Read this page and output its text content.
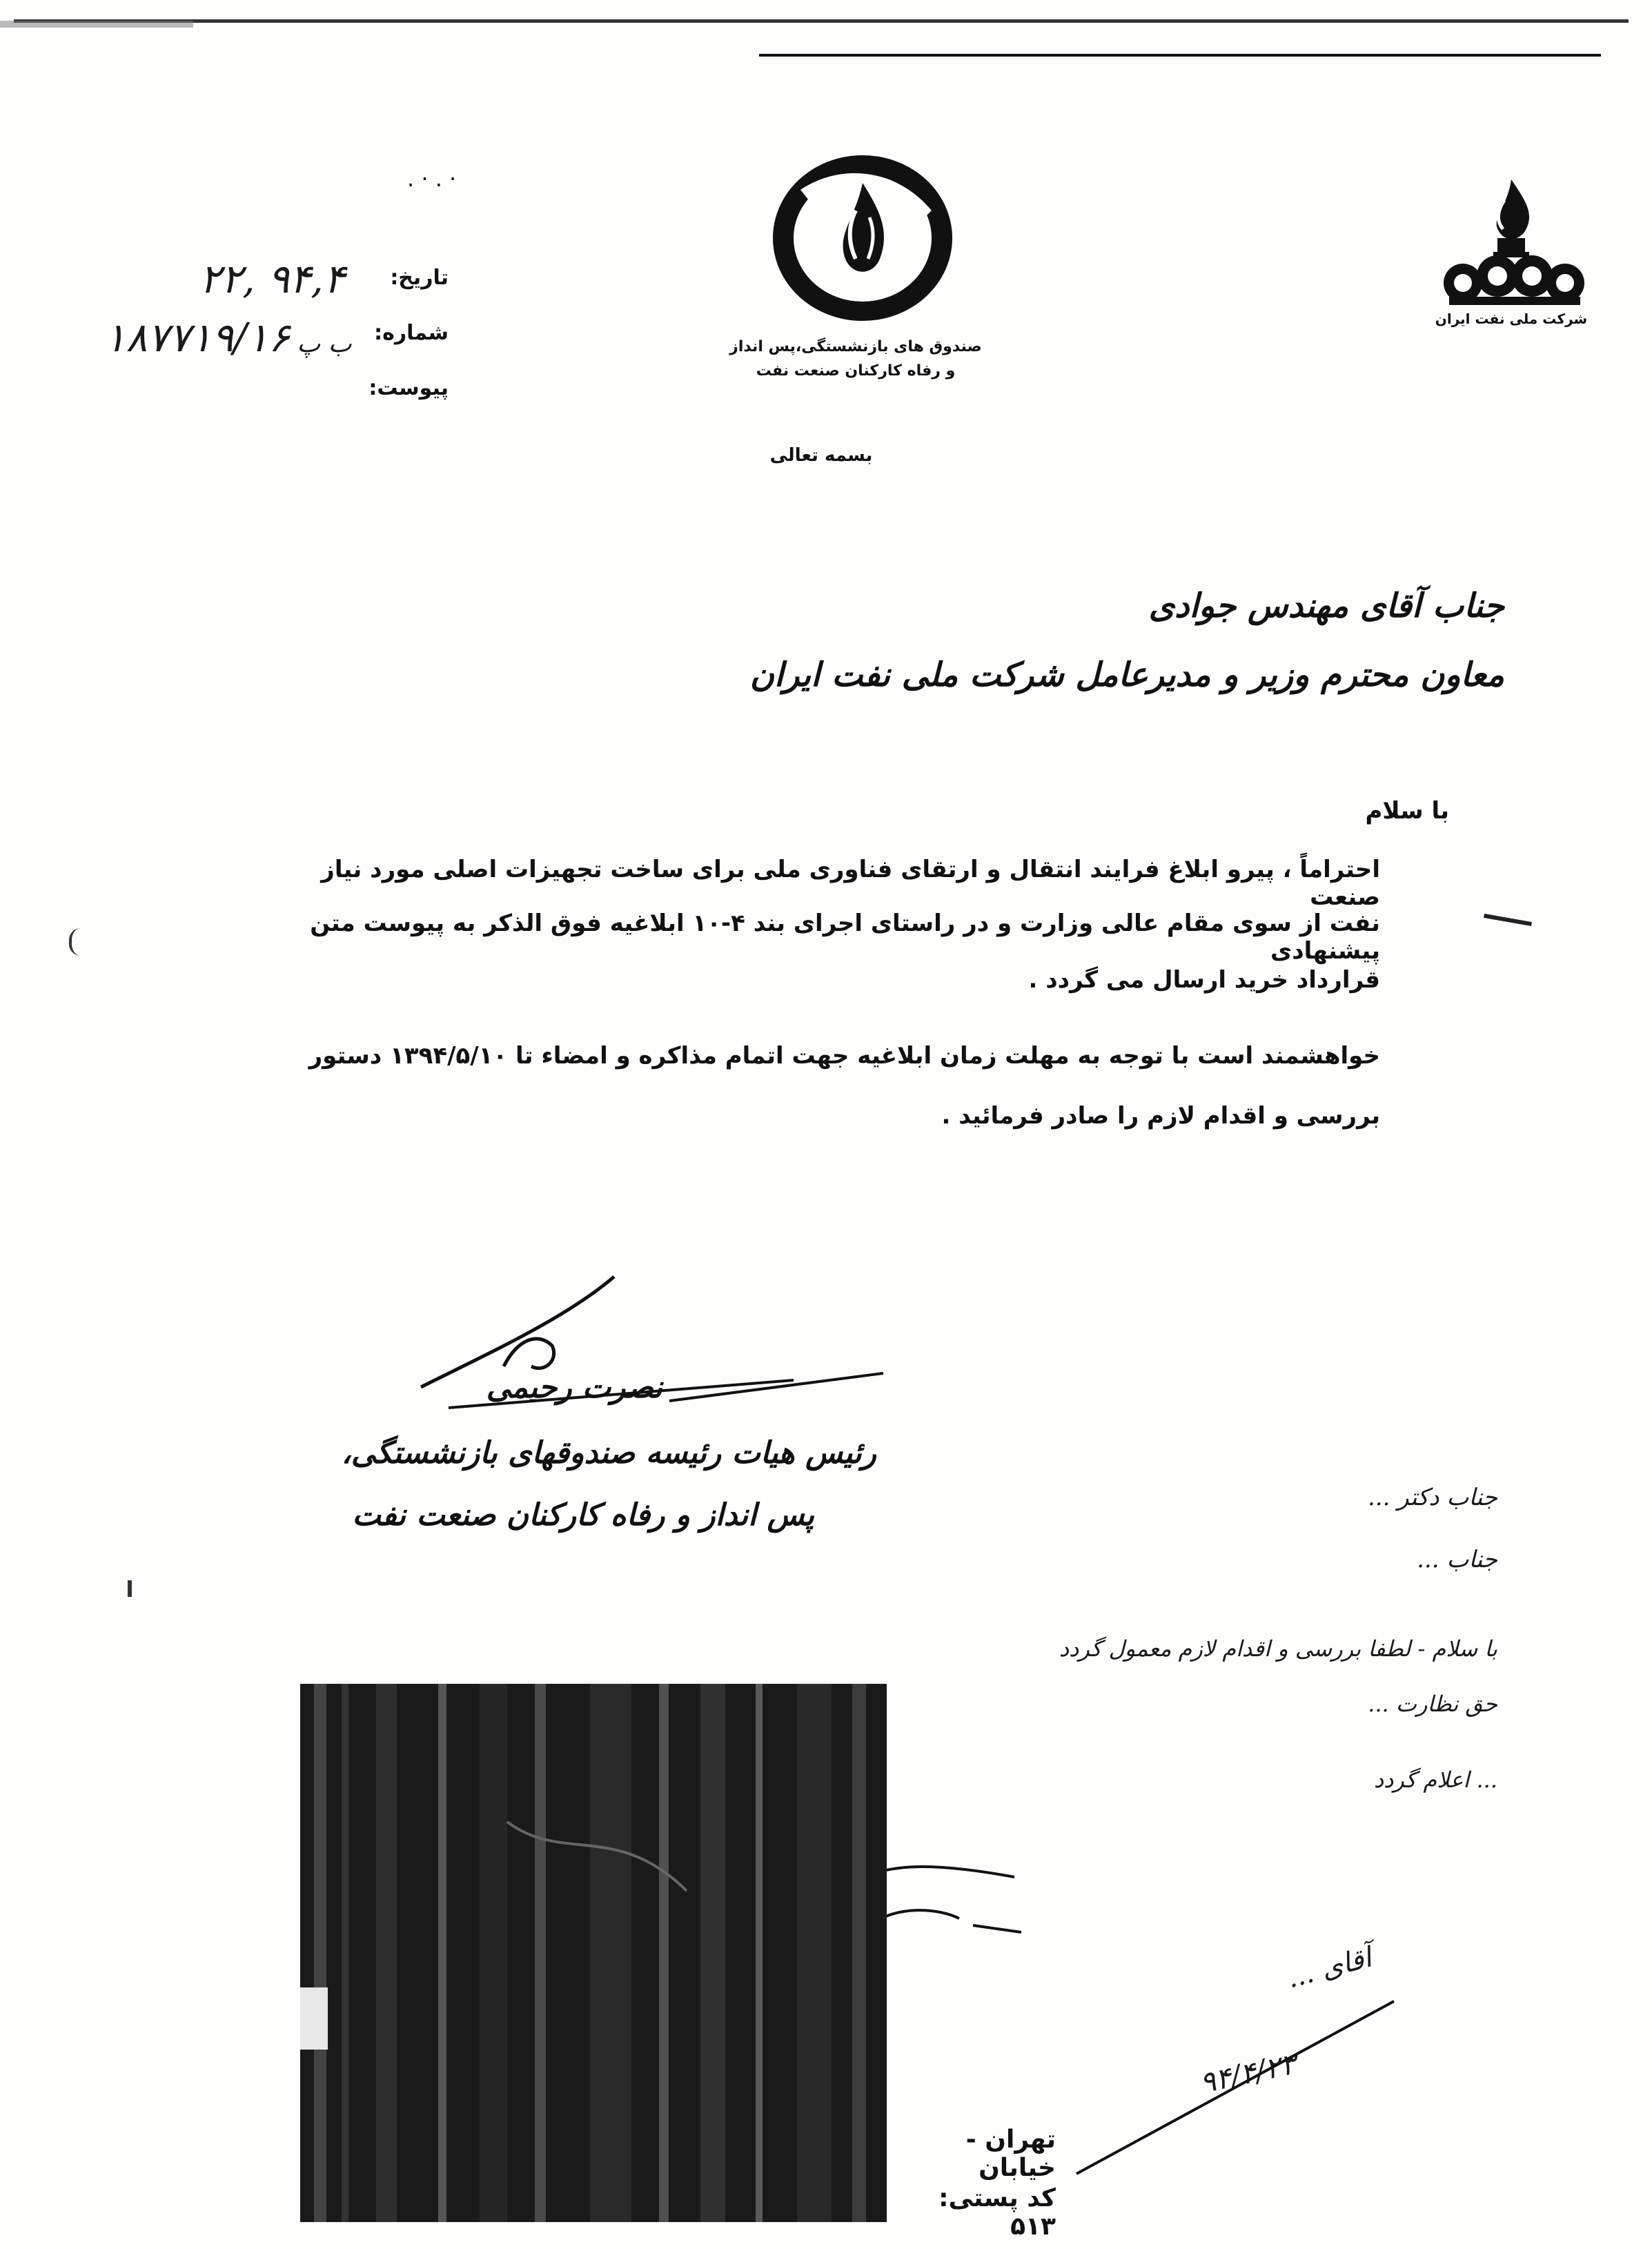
شرکت ملی نفت ایران
صندوق های بازنشستگی،پس انداز
و رفاه کارکنان صنعت نفت
بسمه تعالی
تاریخ:
شماره:
پیوست:
۹۴,۴ ,۲۲
۱۸۷۷۱۹/۱۶ ب پ
. · . ·
جناب آقای مهندس جوادی
معاون محترم وزیر و مدیرعامل شرکت ملی نفت ایران
با سلام
احتراماً ، پیرو ابلاغ فرایند انتقال و ارتقای فناوری ملی برای ساخت تجهیزات اصلی مورد نیاز صنعت
نفت از سوی مقام عالی وزارت و در راستای اجرای بند ۴-۱۰ ابلاغیه فوق الذکر به پیوست متن پیشنهادی
قرارداد خرید ارسال می گردد .
خواهشمند است با توجه به مهلت زمان ابلاغیه جهت اتمام مذاکره و امضاء تا ۱۳۹۴/۵/۱۰ دستور
بررسی و اقدام لازم را صادر فرمائید .
نصرت رحیمی
رئیس هیات رئیسه صندوقهای بازنشستگی،
پس انداز و رفاه کارکنان صنعت نفت	جناب دکتر ...
جناب ...
با سلام - لطفا بررسی و اقدام لازم معمول گردد
حق نظارت ...
... اعلام گردد
۹۴/۴/۲۳
آقای ...
تهران - خیابان
کد پستی: ۵۱۳
